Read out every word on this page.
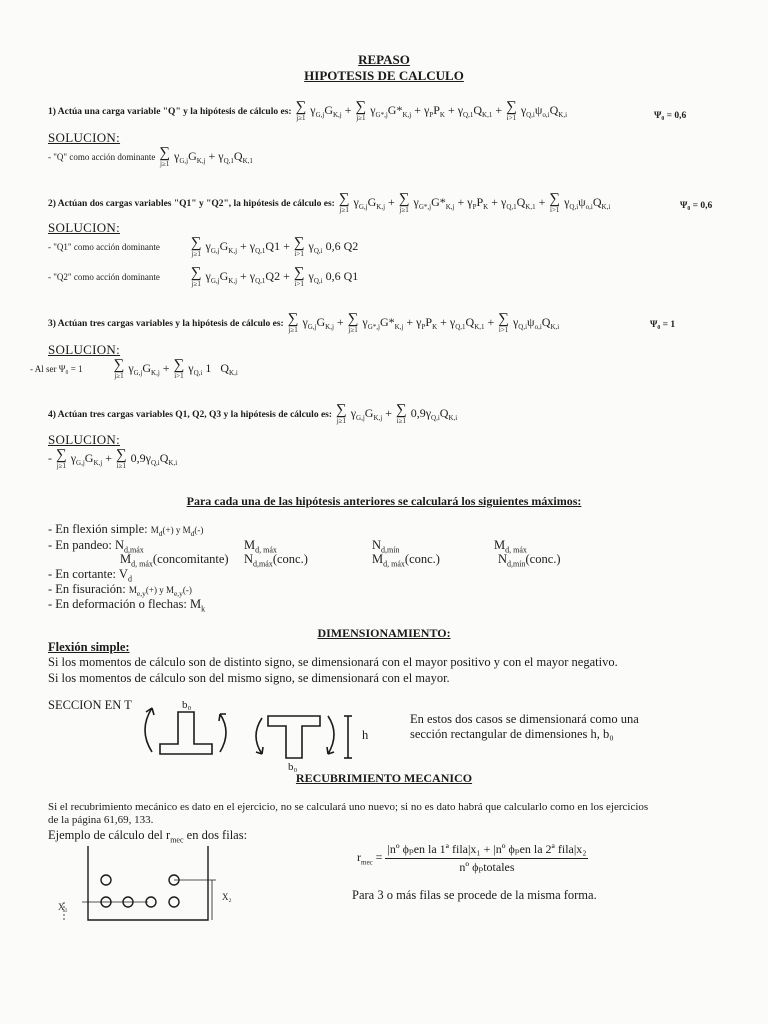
REPASO
HIPOTESIS DE CALCULO
1) Actúa una carga variable "Q" y la hipótesis de cálculo es: ∑
j≥1
$\gamma_{G,j}G_{K,j}$ + ∑
j≥1
$\gamma_{G*,j}G*_{K,j} + \gamma_PP_K + \gamma_{Q,1}Q_{K,1}$ + ∑
i>1
$\gamma_{Q,i}\psi_{o,i}Q_{K,i}$	Ψ₀ = 0,6
SOLUCION:
- "Q" como acción dominante ∑
j≥1
$\gamma_{G,j}G_{K,j} + \gamma_{Q,1}Q_{K,1}$
2) Actúan dos cargas variables "Q1" y "Q2", la hipótesis de cálculo es: ∑
j≥1
$\gamma_{G,j}G_{K,j}$ + ∑
j≥1
$\gamma_{G*,j}G*_{K,j} + \gamma_PP_K + \gamma_{Q,1}Q_{K,1}$ + ∑
i>1
$\gamma_{Q,i}\psi_{o,i}Q_{K,i}$	Ψ₀ = 0,6
SOLUCION:
- "Q1" como acción dominante ∑
j≥1
$\gamma_{G,j}G_{K,j} + \gamma_{Q,1}Q1$ + ∑
i>1
$\gamma_{Q,i}$ 0,6 Q2
- "Q2" como acción dominante ∑
j≥1
$\gamma_{G,j}G_{K,j} + \gamma_{Q,1}Q2$ + ∑
i>1
$\gamma_{Q,i}$ 0,6 Q1
3) Actúan tres cargas variables y la hipótesis de cálculo es: ∑
j≥1
$\gamma_{G,j}G_{K,j}$ + ∑
j≥1
$\gamma_{G*,j}G*_{K,j} + \gamma_PP_K + \gamma_{Q,1}Q_{K,1}$ + ∑
i>1
$\gamma_{Q,i}\psi_{o,i}Q_{K,i}$	Ψ₀ = 1
SOLUCION:
- Al ser Ψ₀ = 1 ∑
j≥1
$\gamma_{G,j}G_{K,j}$ + ∑
i>1
$\gamma_{Q,i}$ 1   $Q_{K,i}$
4) Actúan tres cargas variables Q1, Q2, Q3 y la hipótesis de cálculo es: ∑
j≥1
$\gamma_{G,j}G_{K,j}$ + ∑
i≥1
$0,9\gamma_{Q,i}Q_{K,i}$
SOLUCION:
- ∑
j≥1
$\gamma_{G,j}G_{K,j}$ + ∑
i≥1
$0,9\gamma_{Q,i}Q_{K,i}$
Para cada una de las hipótesis anteriores se calculará los siguientes máximos:
- En flexión simple: $M_d(+)$ y $M_d(-)$
- En pandeo: $N_{d,máx}$	$M_{d, máx}$	$N_{d,mín}$	$M_{d, máx}$
$M_{d, máx}(concomitante)$ $N_{d,máx}(conc.)$	$M_{d, máx}(conc.)$	$N_{d,mín}(conc.)$
- En cortante: $V_d$
- En fisuración: $M_{e,y}(+)$ y $M_{e,y}(-)$
- En deformación o flechas: $M_k$
DIMENSIONAMIENTO:
Flexión simple:
Si los momentos de cálculo son de distinto signo, se dimensionará con el mayor positivo y con el mayor negativo.
Si los momentos de cálculo son del mismo signo, se dimensionará con el mayor.
SECCION EN T	b₀
b₀
h
En estos dos casos se dimensionará como una
sección rectangular de dimensiones h, b₀
RECUBRIMIENTO MECANICO
Si el recubrimiento mecánico es dato en el ejercicio, no se calculará uno nuevo; si no es dato habrá que calcularlo como en los ejercicios
de la página 61,69, 133.
Ejemplo de cálculo del $r_{mec}$ en dos filas:
$r_{mec} = \frac{\text{|nº ϕₚen la 1ª fila|x₁ + |nº ϕₚen la 2ª fila|x₂}}{\text{nº ϕₚtotales}}$
Para 3 o más filas se procede de la misma forma.
X₁
X₂
